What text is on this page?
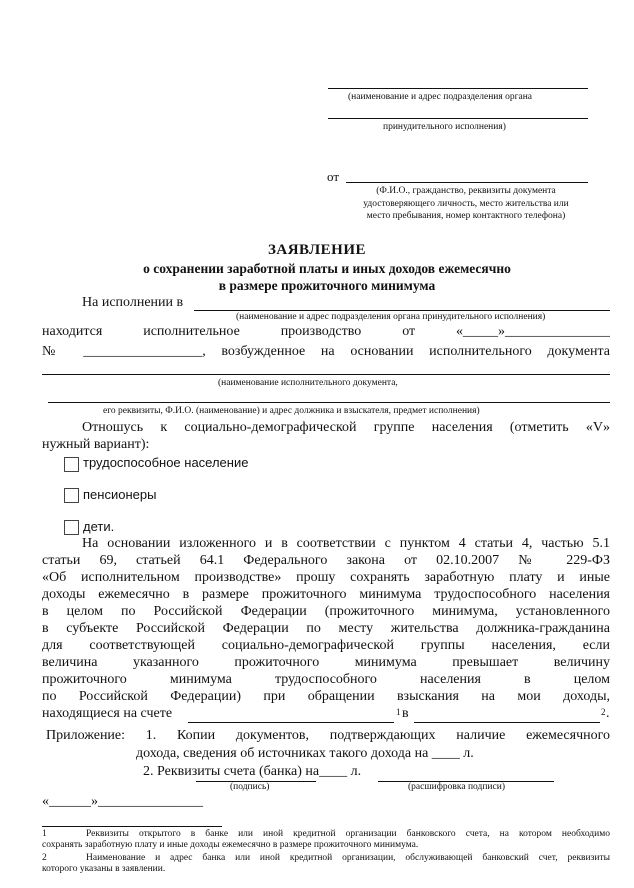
(наименование и адрес подразделения органа
принудительного исполнения)
от
(Ф.И.О., гражданство, реквизиты документа
удостоверяющего личность, место жительства или
место пребывания, номер контактного телефона)
ЗАЯВЛЕНИЕ
о сохранении заработной платы и иных доходов ежемесячно
в размере прожиточного минимума
На исполнении в
(наименование и адрес подразделения органа принудительного исполнения)
находится	исполнительное	производство	от	«_____»_______________
№ _________________, возбужденное на основании исполнительного документа
(наименование исполнительного документа,
его реквизиты, Ф.И.О. (наименование) и адрес должника и взыскателя, предмет исполнения)
Отношусь к социально-демографической группе населения (отметить «V»
нужный вариант):
трудоспособное население
пенсионеры
дети.
На основании изложенного и в соответствии с пунктом 4 статьи 4, частью 5.1
статьи 69, статьей 64.1 Федерального закона от 02.10.2007 № 229-ФЗ
«Об исполнительном производстве» прошу сохранять заработную плату и иные
доходы ежемесячно в размере прожиточного минимума трудоспособного населения
в целом по Российской Федерации (прожиточного минимума, установленного
в субъекте Российской Федерации по месту жительства должника-гражданина
для соответствующей социально-демографической группы населения, если
величина указанного прожиточного минимума превышает величину
прожиточного минимума трудоспособного населения в целом
по Российской Федерации) при обращении взыскания на мои доходы,
находящиеся на счете	1 в	2 .
Приложение: 1. Копии документов, подтверждающих наличие ежемесячного
дохода, сведения об источниках такого дохода на ____ л.
2. Реквизиты счета (банка) на____ л.
(подпись)	(расшифровка подписи)
«______»_______________
1	Реквизиты открытого в банке или иной кредитной организации банковского счета, на котором необходимо
сохранять заработную плату и иные доходы ежемесячно в размере прожиточного минимума.
2	Наименование и адрес банка или иной кредитной организации, обслуживающей банковский счет, реквизиты
которого указаны в заявлении.
